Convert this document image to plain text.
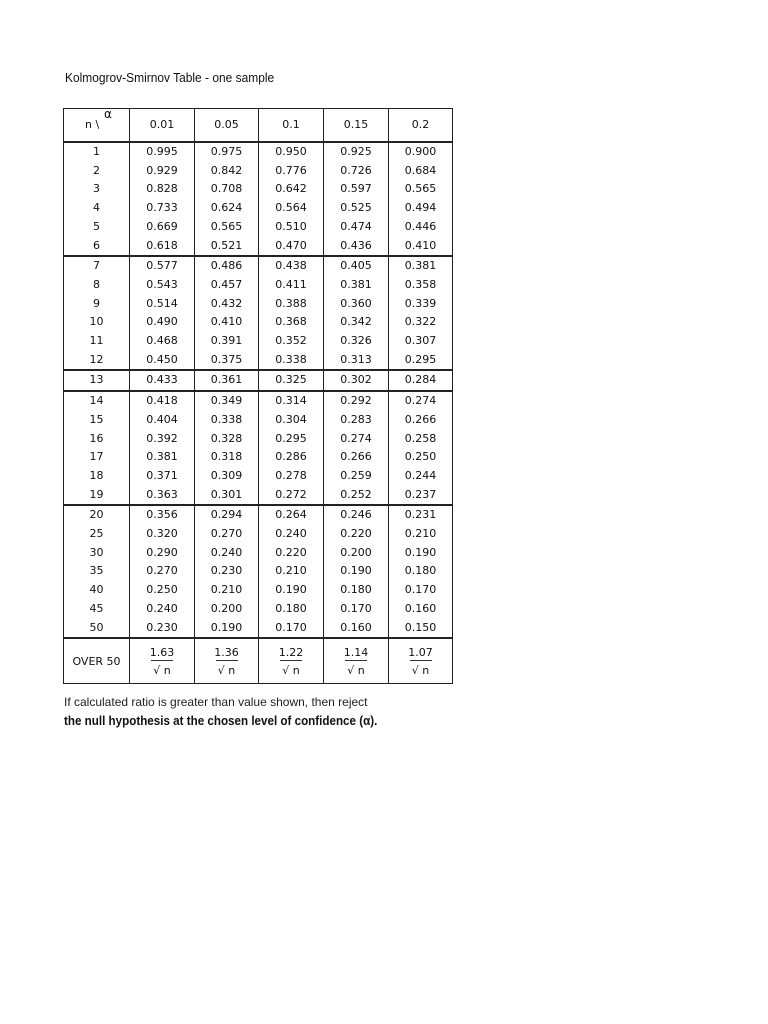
Kolmogrov-Smirnov Table - one sample
α
n \	0.01	0.05	0.1	0.15	0.2
1	0.995	0.975	0.950	0.925	0.900
2	0.929	0.842	0.776	0.726	0.684
3	0.828	0.708	0.642	0.597	0.565
4	0.733	0.624	0.564	0.525	0.494
5	0.669	0.565	0.510	0.474	0.446
6	0.618	0.521	0.470	0.436	0.410
7	0.577	0.486	0.438	0.405	0.381
8	0.543	0.457	0.411	0.381	0.358
9	0.514	0.432	0.388	0.360	0.339
10	0.490	0.410	0.368	0.342	0.322
11	0.468	0.391	0.352	0.326	0.307
12	0.450	0.375	0.338	0.313	0.295
13	0.433	0.361	0.325	0.302	0.284
14	0.418	0.349	0.314	0.292	0.274
15	0.404	0.338	0.304	0.283	0.266
16	0.392	0.328	0.295	0.274	0.258
17	0.381	0.318	0.286	0.266	0.250
18	0.371	0.309	0.278	0.259	0.244
19	0.363	0.301	0.272	0.252	0.237
20	0.356	0.294	0.264	0.246	0.231
25	0.320	0.270	0.240	0.220	0.210
30	0.290	0.240	0.220	0.200	0.190
35	0.270	0.230	0.210	0.190	0.180
40	0.250	0.210	0.190	0.180	0.170
45	0.240	0.200	0.180	0.170	0.160
50	0.230	0.190	0.170	0.160	0.150
OVER 50	$\frac{1.63}{√ n}$	$\frac{1.36}{√ n}$	$\frac{1.22}{√ n}$	$\frac{1.14}{√ n}$	$\frac{1.07}{√ n}$
If calculated ratio is greater than value shown, then reject
the null hypothesis at the chosen level of confidence (α).
